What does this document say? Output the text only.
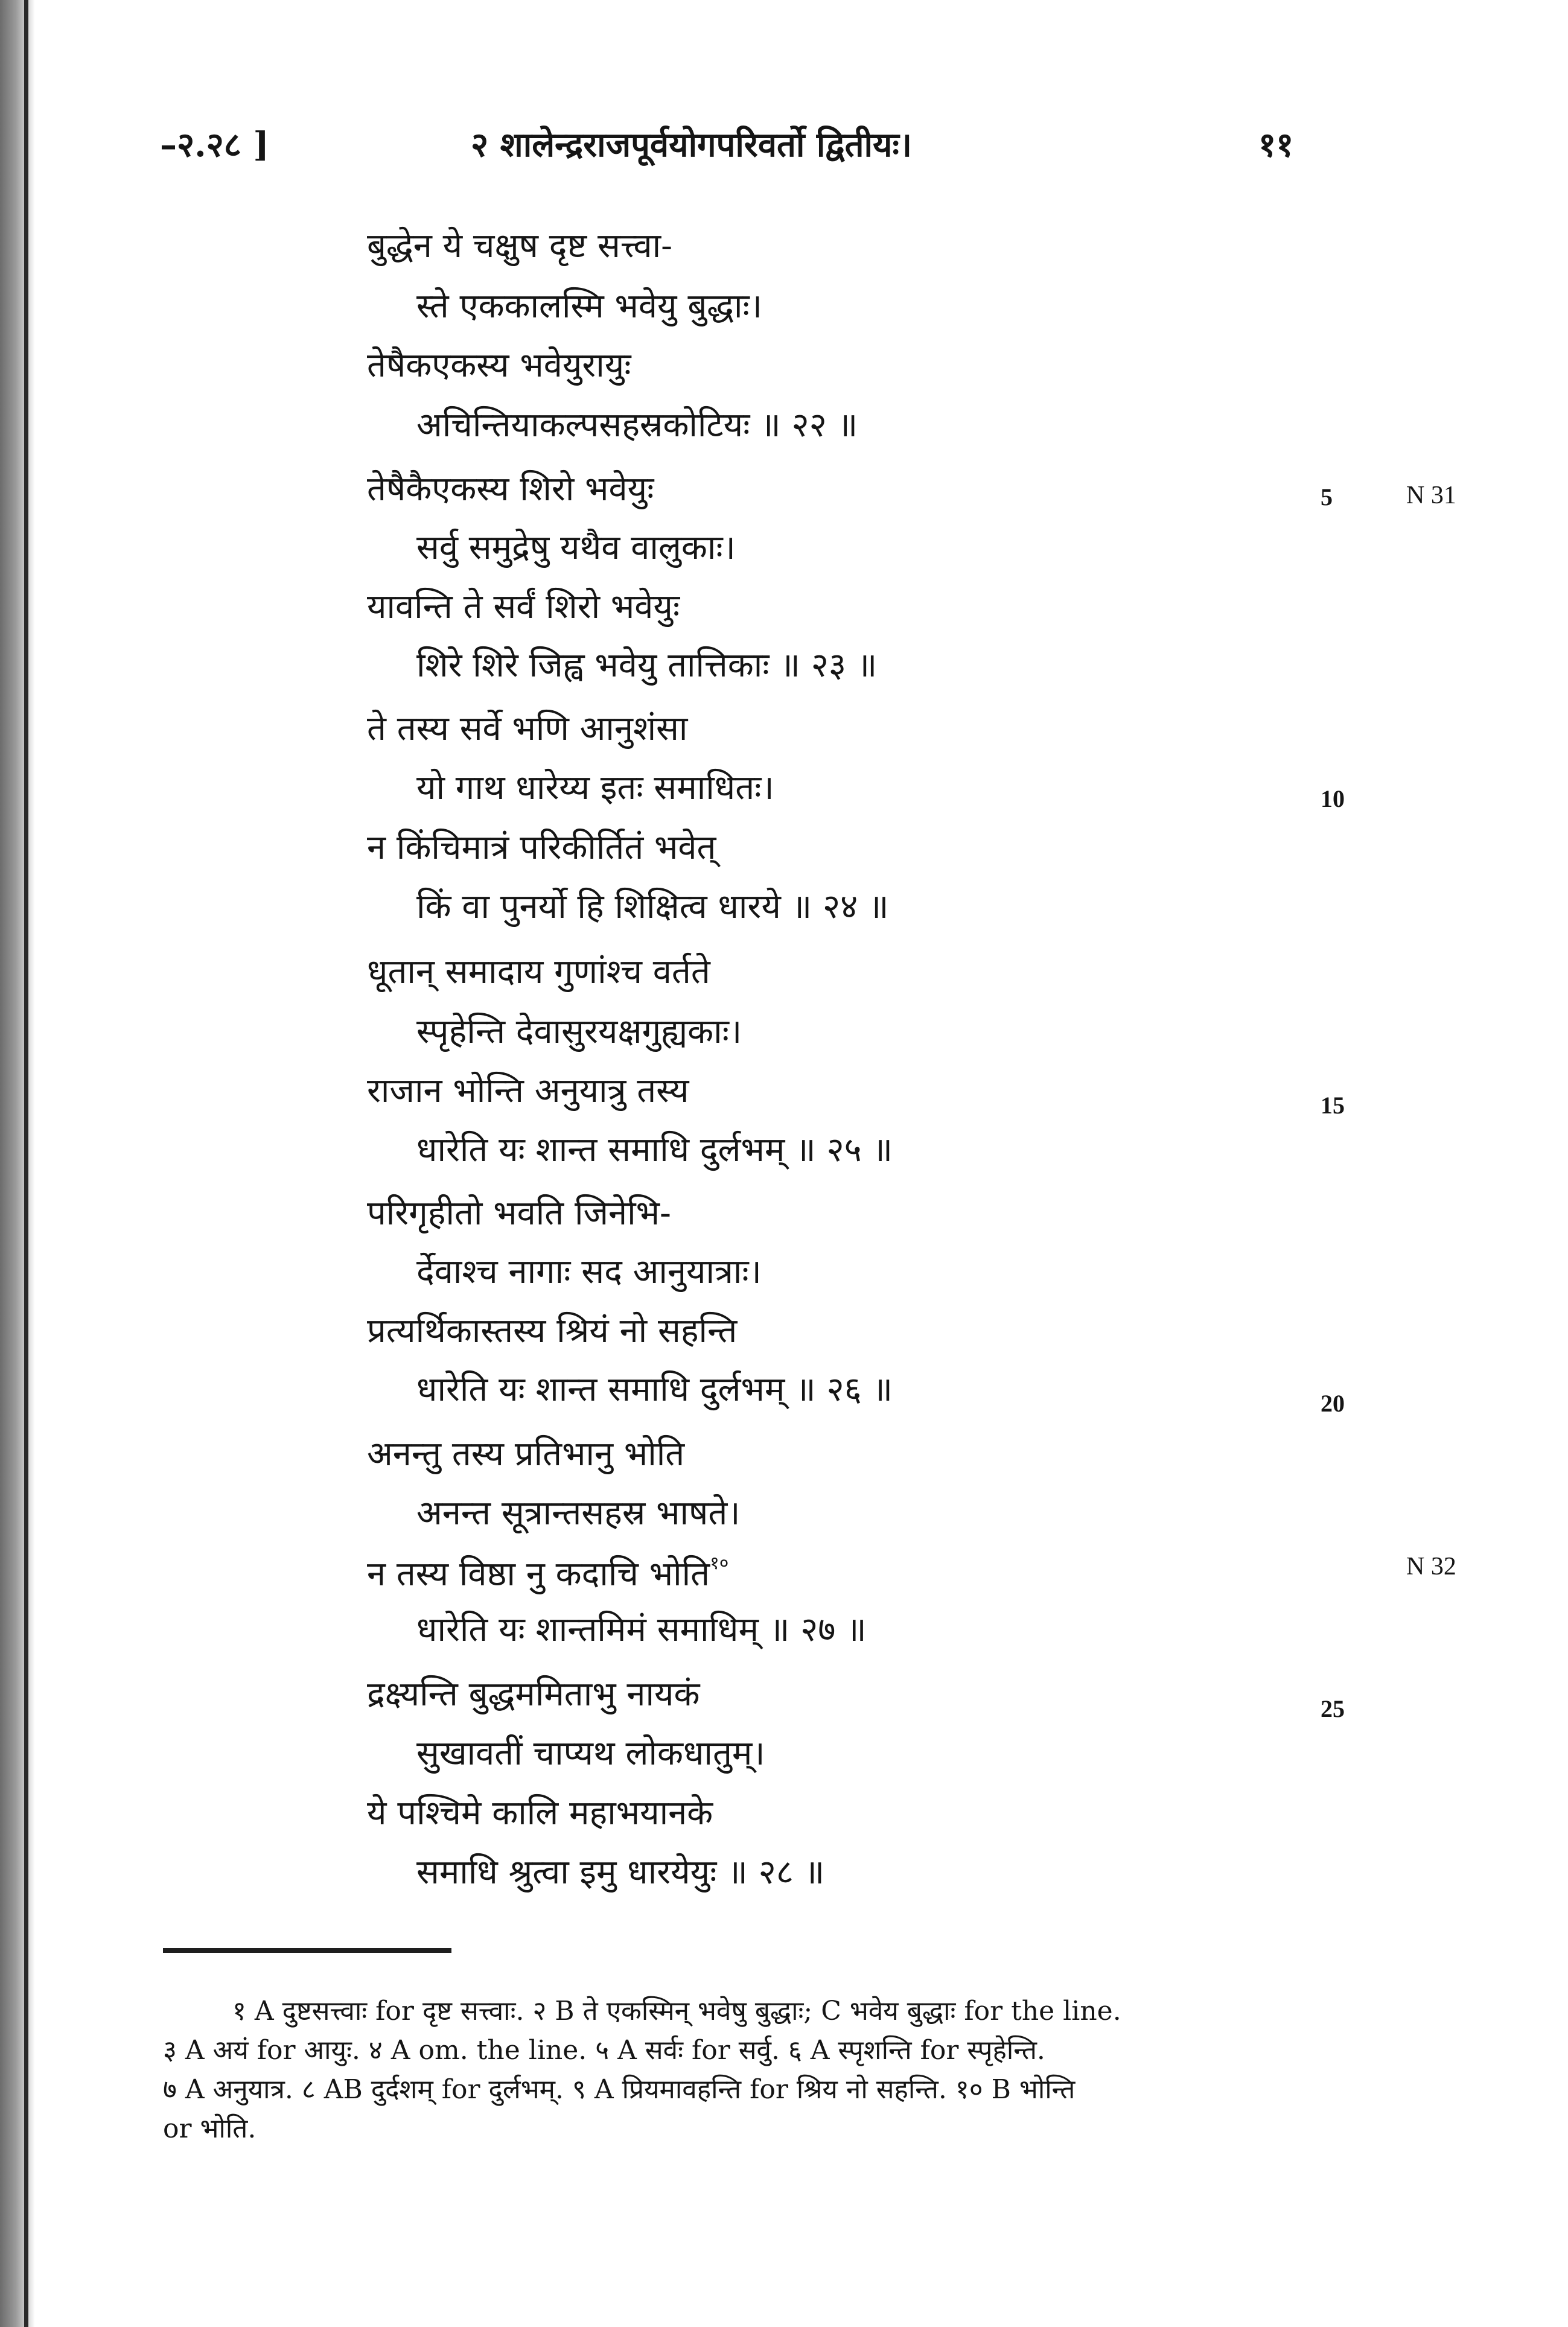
–२.२८ ]	२ शालेन्द्रराजपूर्वयोगपरिवर्तो द्वितीयः।	११
बुद्धेन ये चक्षुष दृष्ट सत्त्वा-
स्ते एककालस्मि भवेयु बुद्धाः।
तेषैकएकस्य भवेयुरायुः
अचिन्तियाकल्पसहस्रकोटियः ॥ २२ ॥
तेषैकैएकस्य शिरो भवेयुः
सर्वु समुद्रेषु यथैव वालुकाः।
यावन्ति ते सर्वं शिरो भवेयुः
शिरे शिरे जिह्व भवेयु तात्तिकाः ॥ २३ ॥
ते तस्य सर्वे भणि आनुशंसा
यो गाथ धारेय्य इतः समाधितः।
न किंचिमात्रं परिकीर्तितं भवेत्
किं वा पुनर्यो हि शिक्षित्व धारये ॥ २४ ॥
धूतान् समादाय गुणांश्च वर्तते
स्पृहेन्ति देवासुरयक्षगुह्यकाः।
राजान भोन्ति अनुयात्रु तस्य
धारेति यः शान्त समाधि दुर्लभम् ॥ २५ ॥
परिगृहीतो भवति जिनेभि-
र्देवाश्च नागाः सद आनुयात्राः।
प्रत्यर्थिकास्तस्य श्रियं नो सहन्ति
धारेति यः शान्त समाधि दुर्लभम् ॥ २६ ॥
अनन्तु तस्य प्रतिभानु भोति
अनन्त सूत्रान्तसहस्र भाषते।
न तस्य विष्ठा नु कदाचि भोति$^{१०}$
धारेति यः शान्तमिमं समाधिम् ॥ २७ ॥
द्रक्ष्यन्ति बुद्धममिताभु नायकं
सुखावतीं चाप्यथ लोकधातुम्।
ये पश्चिमे कालि महाभयानके
समाधि श्रुत्वा इमु धारयेयुः ॥ २८ ॥
5
10
15
20
25
N 31
N 32
१ A दुष्टसत्त्वाः for दृष्ट सत्त्वाः. २ B ते एकस्मिन् भवेषु बुद्धाः; C भवेय बुद्धाः for the line.
३ A अयं for आयुः. ४ A om. the line. ५ A सर्वः for सर्वु. ६ A स्पृशन्ति for स्पृहेन्ति.
७ A अनुयात्र. ८ AB दुर्दशम् for दुर्लभम्. ९ A प्रियमावहन्ति for श्रिय नो सहन्ति. १० B भोन्ति
or भोति.
